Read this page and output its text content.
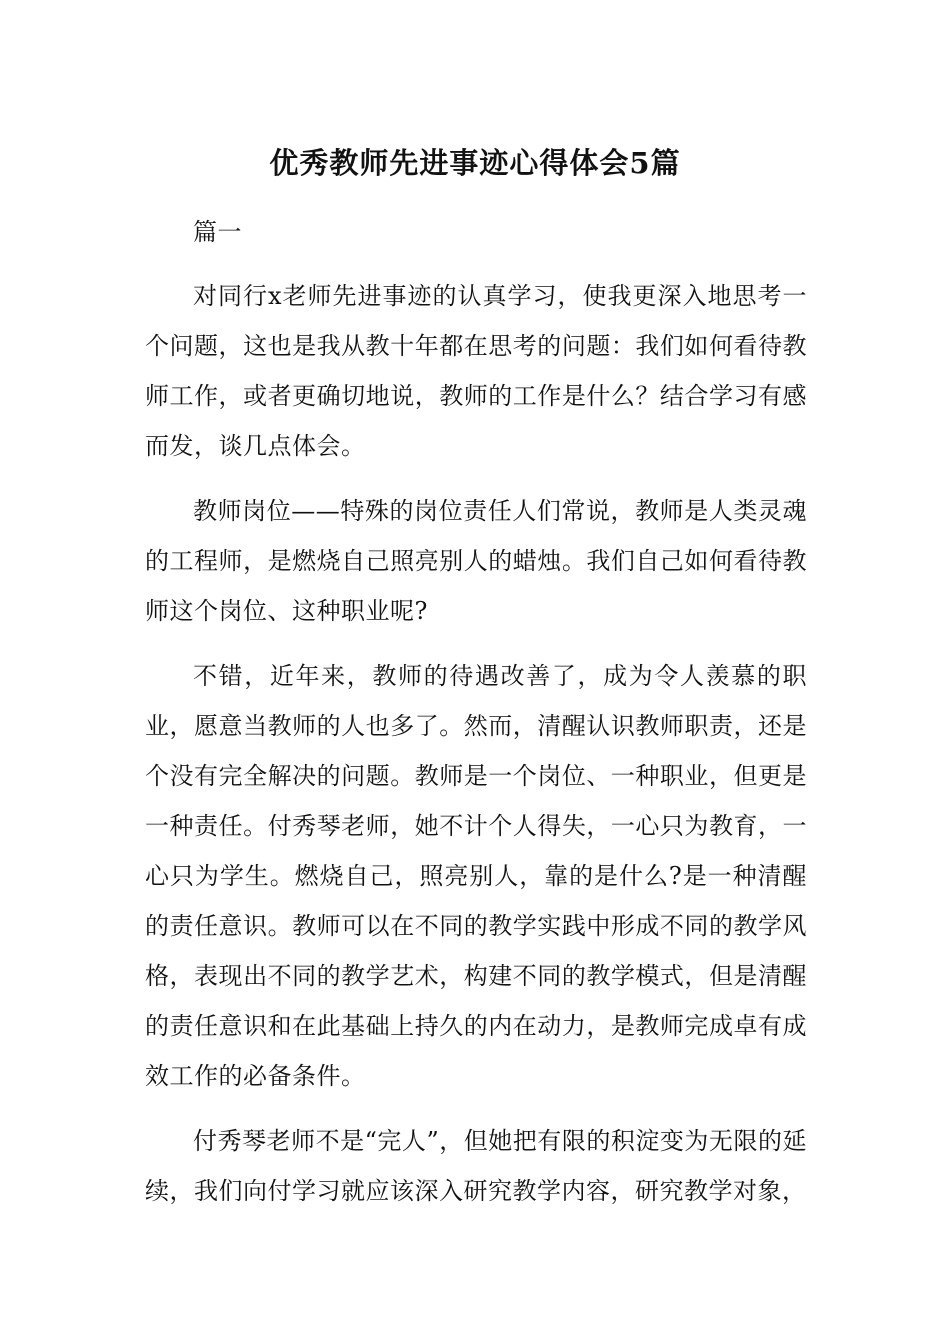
优秀教师先进事迹心得体会5篇

篇一

对同行x老师先进事迹的认真学习，使我更深入地思考一个问题，这也是我从教十年都在思考的问题：我们如何看待教师工作，或者更确切地说，教师的工作是什么？结合学习有感而发，谈几点体会。

教师岗位——特殊的岗位责任人们常说，教师是人类灵魂的工程师，是燃烧自己照亮别人的蜡烛。我们自己如何看待教师这个岗位、这种职业呢?

不错，近年来，教师的待遇改善了，成为令人羡慕的职业，愿意当教师的人也多了。然而，清醒认识教师职责，还是个没有完全解决的问题。教师是一个岗位、一种职业，但更是一种责任。付秀琴老师，她不计个人得失，一心只为教育，一心只为学生。燃烧自己，照亮别人，靠的是什么?是一种清醒的责任意识。教师可以在不同的教学实践中形成不同的教学风格，表现出不同的教学艺术，构建不同的教学模式，但是清醒的责任意识和在此基础上持久的内在动力，是教师完成卓有成效工作的必备条件。

付秀琴老师不是“完人”，但她把有限的积淀变为无限的延续，我们向付学习就应该深入研究教学内容，研究教学对象，
